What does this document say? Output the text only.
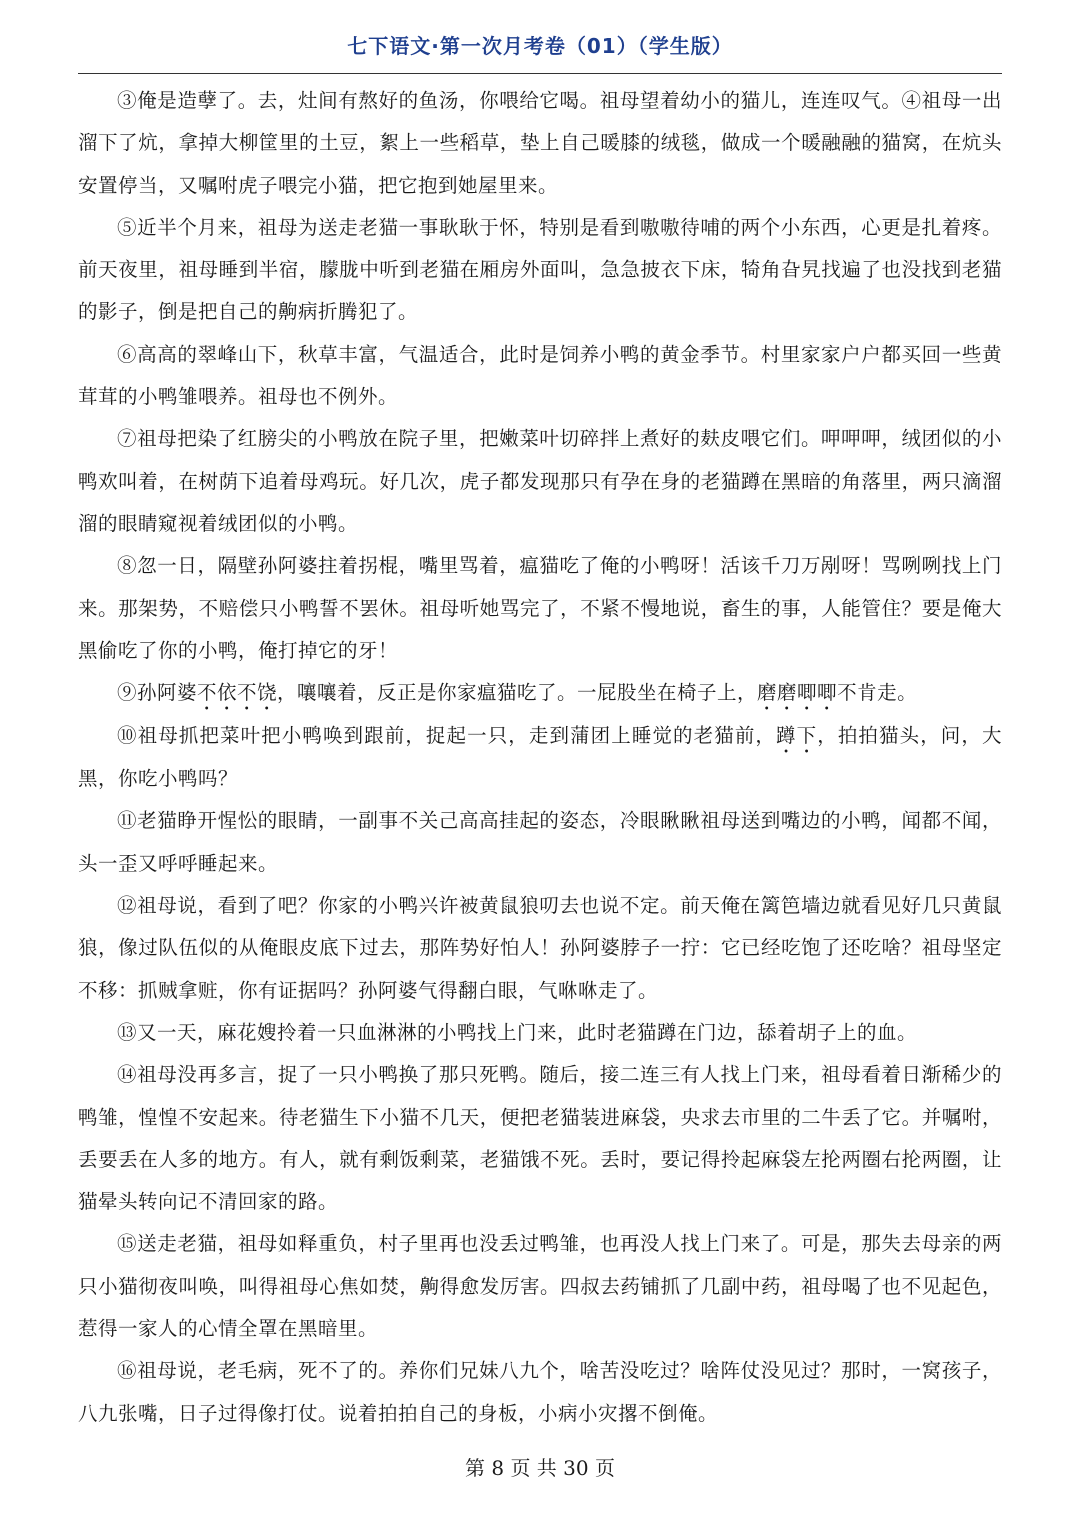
七下语文·第一次月考卷（01）（学生版）

③俺是造孽了。去，灶间有熬好的鱼汤，你喂给它喝。祖母望着幼小的猫儿，连连叹气。④祖母一出溜下了炕，拿掉大柳筐里的土豆，絮上一些稻草，垫上自己暖膝的绒毯，做成一个暖融融的猫窝，在炕头安置停当，又嘱咐虎子喂完小猫，把它抱到她屋里来。

⑤近半个月来，祖母为送走老猫一事耿耿于怀，特别是看到嗷嗷待哺的两个小东西，心更是扎着疼。前天夜里，祖母睡到半宿，朦胧中听到老猫在厢房外面叫，急急披衣下床，犄角旮旯找遍了也没找到老猫的影子，倒是把自己的齁病折腾犯了。

⑥高高的翠峰山下，秋草丰富，气温适合，此时是饲养小鸭的黄金季节。村里家家户户都买回一些黄茸茸的小鸭雏喂养。祖母也不例外。

⑦祖母把染了红膀尖的小鸭放在院子里，把嫩菜叶切碎拌上煮好的麸皮喂它们。呷呷呷，绒团似的小鸭欢叫着，在树荫下追着母鸡玩。好几次，虎子都发现那只有孕在身的老猫蹲在黑暗的角落里，两只滴溜溜的眼睛窥视着绒团似的小鸭。

⑧忽一日，隔壁孙阿婆拄着拐棍，嘴里骂着，瘟猫吃了俺的小鸭呀！活该千刀万剐呀！骂咧咧找上门来。那架势，不赔偿只小鸭誓不罢休。祖母听她骂完了，不紧不慢地说，畜生的事，人能管住？要是俺大黑偷吃了你的小鸭，俺打掉它的牙！

⑨孙阿婆不依不饶，嚷嚷着，反正是你家瘟猫吃了。一屁股坐在椅子上，磨磨唧唧不肯走。

⑩祖母抓把菜叶把小鸭唤到跟前，捉起一只，走到蒲团上睡觉的老猫前，蹲下，拍拍猫头，问，大黑，你吃小鸭吗？

⑪老猫睁开惺忪的眼睛，一副事不关己高高挂起的姿态，冷眼瞅瞅祖母送到嘴边的小鸭，闻都不闻，头一歪又呼呼睡起来。

⑫祖母说，看到了吧？你家的小鸭兴许被黄鼠狼叨去也说不定。前天俺在篱笆墙边就看见好几只黄鼠狼，像过队伍似的从俺眼皮底下过去，那阵势好怕人！孙阿婆脖子一拧：它已经吃饱了还吃啥？祖母坚定不移：抓贼拿赃，你有证据吗？孙阿婆气得翻白眼，气咻咻走了。

⑬又一天，麻花嫂拎着一只血淋淋的小鸭找上门来，此时老猫蹲在门边，舔着胡子上的血。

⑭祖母没再多言，捉了一只小鸭换了那只死鸭。随后，接二连三有人找上门来，祖母看着日渐稀少的鸭雏，惶惶不安起来。待老猫生下小猫不几天，便把老猫装进麻袋，央求去市里的二牛丢了它。并嘱咐，丢要丢在人多的地方。有人，就有剩饭剩菜，老猫饿不死。丢时，要记得拎起麻袋左抡两圈右抡两圈，让猫晕头转向记不清回家的路。

⑮送走老猫，祖母如释重负，村子里再也没丢过鸭雏，也再没人找上门来了。可是，那失去母亲的两只小猫彻夜叫唤，叫得祖母心焦如焚，齁得愈发厉害。四叔去药铺抓了几副中药，祖母喝了也不见起色，惹得一家人的心情全罩在黑暗里。

⑯祖母说，老毛病，死不了的。养你们兄妹八九个，啥苦没吃过？啥阵仗没见过？那时，一窝孩子，八九张嘴，日子过得像打仗。说着拍拍自己的身板，小病小灾撂不倒俺。

第 8 页 共 30 页
